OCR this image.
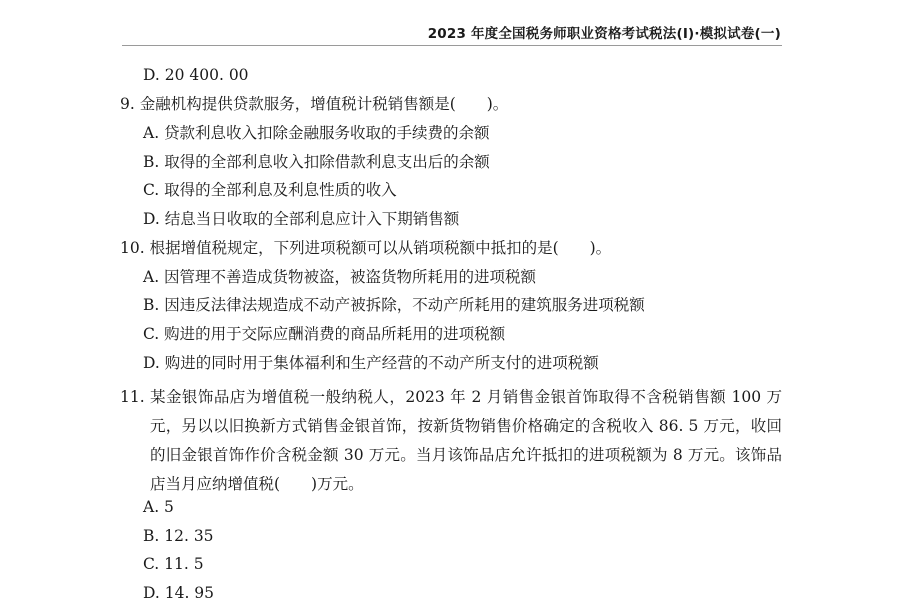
2023 年度全国税务师职业资格考试税法(Ⅰ)·模拟试卷(一)
D. 20 400. 00
9. 金融机构提供贷款服务，增值税计税销售额是(　　)。
A. 贷款利息收入扣除金融服务收取的手续费的余额
B. 取得的全部利息收入扣除借款利息支出后的余额
C. 取得的全部利息及利息性质的收入
D. 结息当日收取的全部利息应计入下期销售额
10. 根据增值税规定，下列进项税额可以从销项税额中抵扣的是(　　)。
A. 因管理不善造成货物被盗，被盗货物所耗用的进项税额
B. 因违反法律法规造成不动产被拆除，不动产所耗用的建筑服务进项税额
C. 购进的用于交际应酬消费的商品所耗用的进项税额
D. 购进的同时用于集体福利和生产经营的不动产所支付的进项税额
11. 某金银饰品店为增值税一般纳税人，2023 年 2 月销售金银首饰取得不含税销售额 100 万元，另以以旧换新方式销售金银首饰，按新货物销售价格确定的含税收入 86. 5 万元，收回的旧金银首饰作价含税金额 30 万元。当月该饰品店允许抵扣的进项税额为 8 万元。该饰品店当月应纳增值税(　　)万元。
A. 5
B. 12. 35
C. 11. 5
D. 14. 95
